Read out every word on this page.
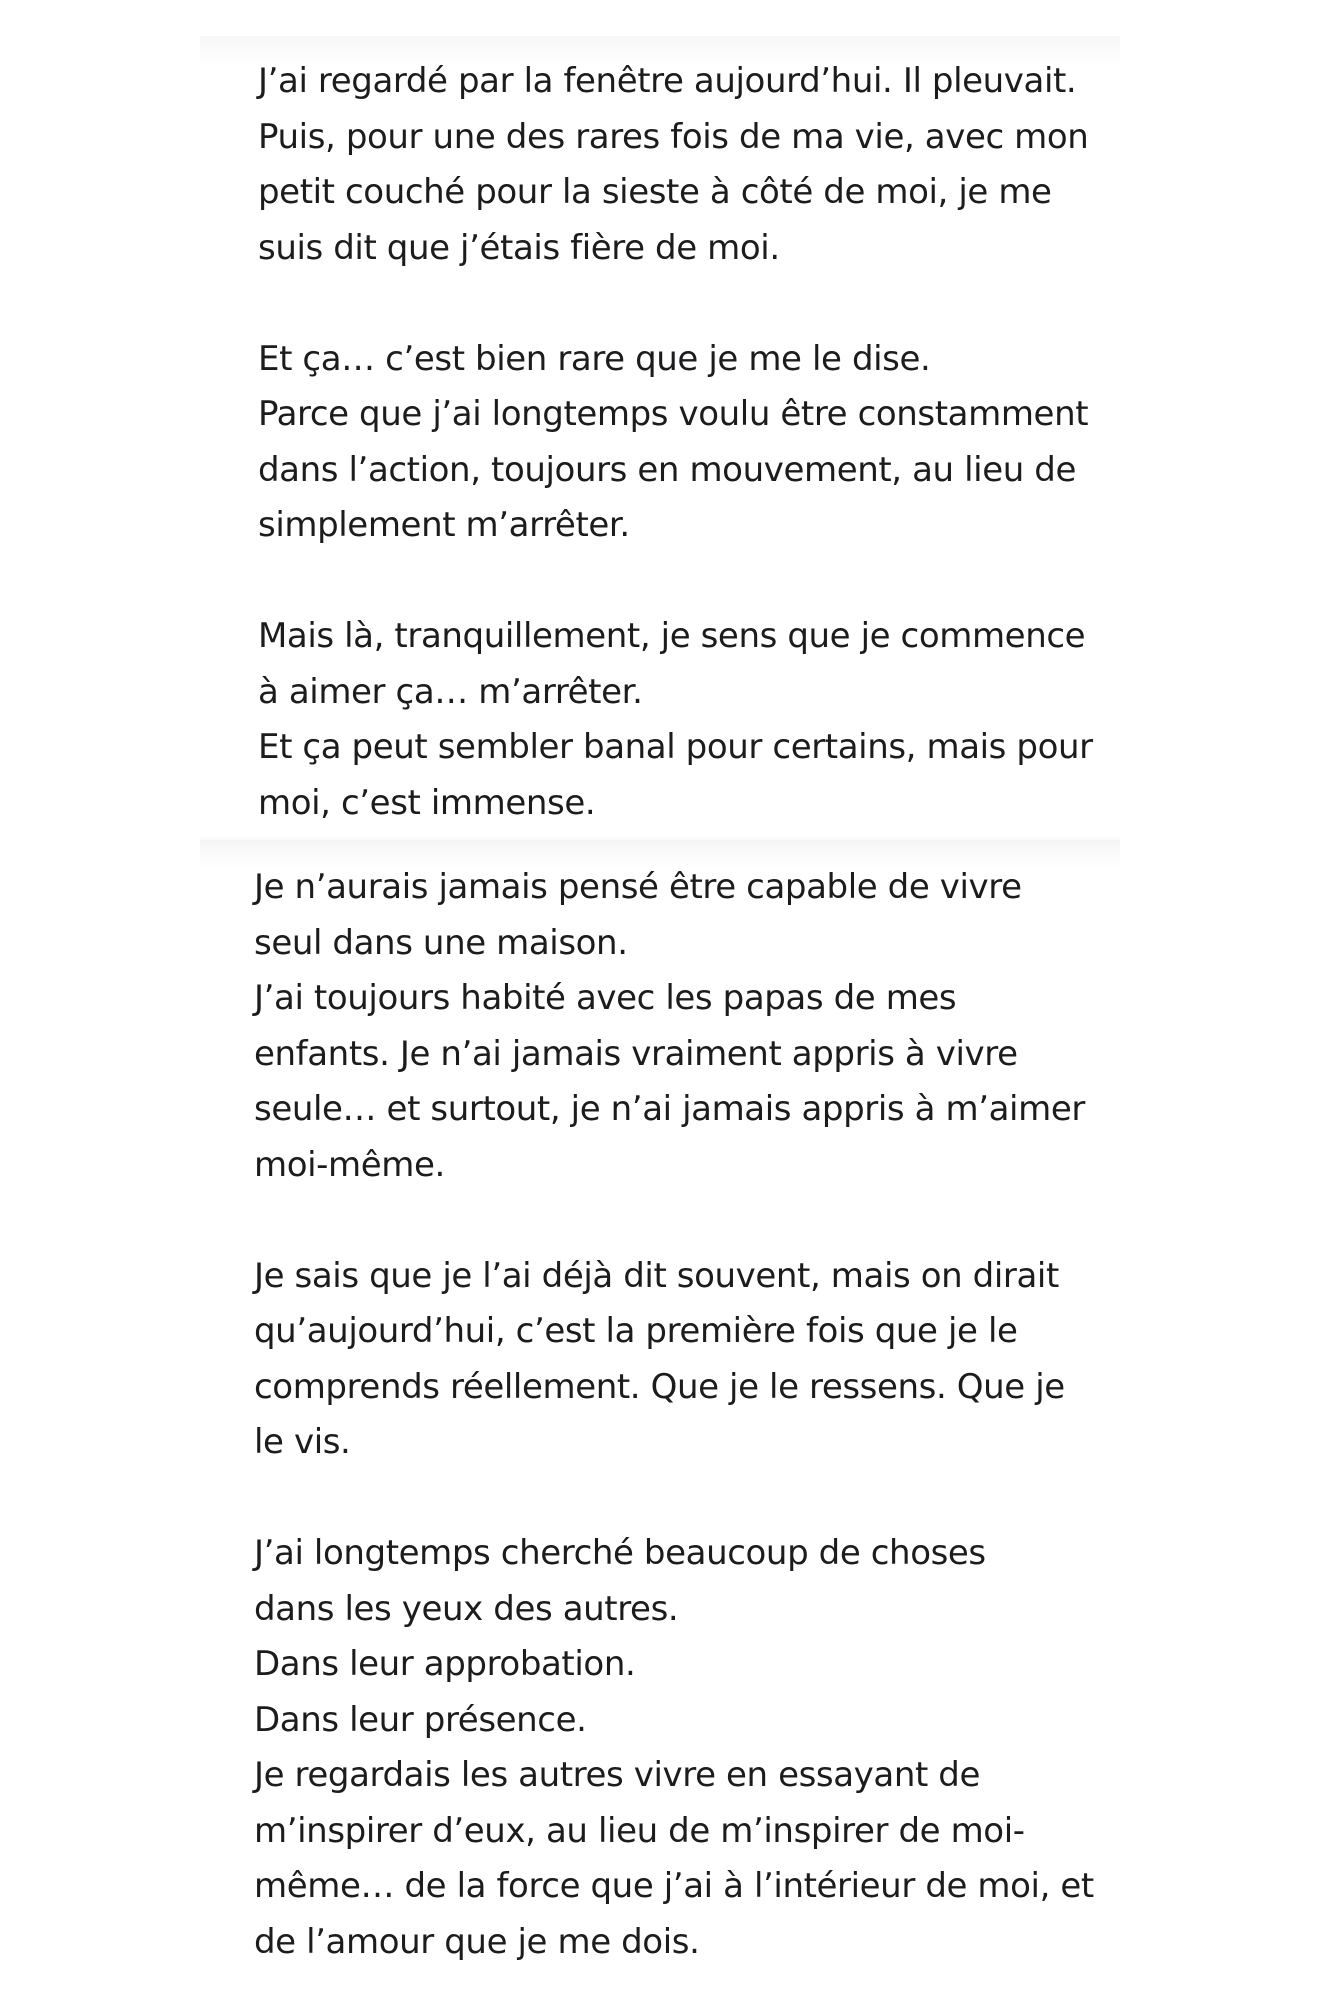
J’ai regardé par la fenêtre aujourd’hui. Il pleuvait.
Puis, pour une des rares fois de ma vie, avec mon
petit couché pour la sieste à côté de moi, je me
suis dit que j’étais fière de moi.

Et ça… c’est bien rare que je me le dise.
Parce que j’ai longtemps voulu être constamment
dans l’action, toujours en mouvement, au lieu de
simplement m’arrêter.

Mais là, tranquillement, je sens que je commence
à aimer ça… m’arrêter.
Et ça peut sembler banal pour certains, mais pour
moi, c’est immense.

Je n’aurais jamais pensé être capable de vivre
seul dans une maison.
J’ai toujours habité avec les papas de mes
enfants. Je n’ai jamais vraiment appris à vivre
seule… et surtout, je n’ai jamais appris à m’aimer
moi-même.

Je sais que je l’ai déjà dit souvent, mais on dirait
qu’aujourd’hui, c’est la première fois que je le
comprends réellement. Que je le ressens. Que je
le vis.

J’ai longtemps cherché beaucoup de choses
dans les yeux des autres.
Dans leur approbation.
Dans leur présence.
Je regardais les autres vivre en essayant de
m’inspirer d’eux, au lieu de m’inspirer de moi-
même… de la force que j’ai à l’intérieur de moi, et
de l’amour que je me dois.
